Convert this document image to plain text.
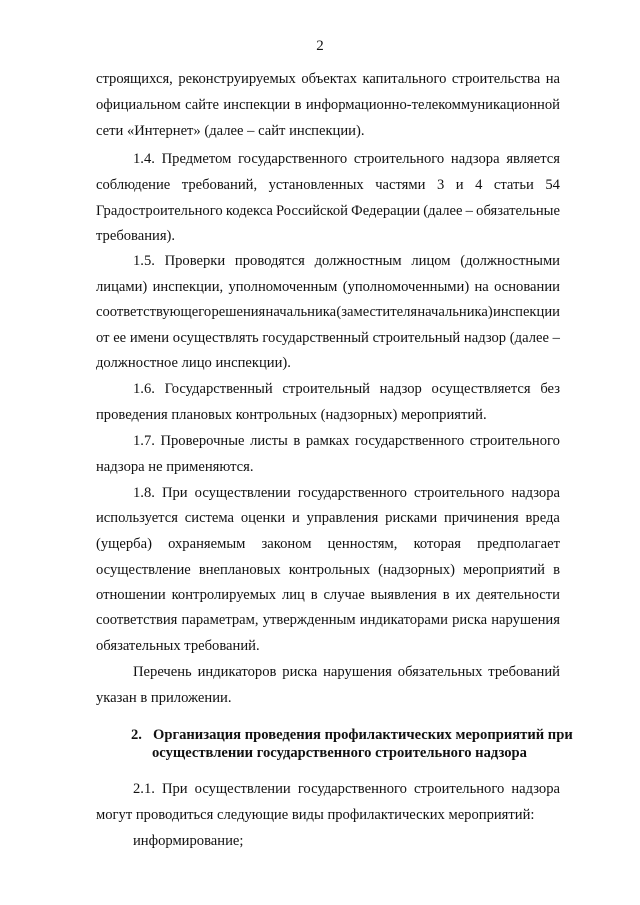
2
строящихся, реконструируемых объектах капитального строительства на
официальном сайте инспекции в информационно-телекоммуникационной
сети «Интернет» (далее – сайт инспекции).
1.4. Предметом государственного строительного надзора является
соблюдение требований, установленных частями 3 и 4 статьи 54
Градостроительного кодекса Российской Федерации (далее – обязательные
требования).
1.5. Проверки проводятся должностным лицом (должностными
лицами) инспекции, уполномоченным (уполномоченными) на основании
соответствующего решения начальника (заместителя начальника) инспекции
от ее имени осуществлять государственный строительный надзор (далее –
должностное лицо инспекции).
1.6. Государственный строительный надзор осуществляется без
проведения плановых контрольных (надзорных) мероприятий.
1.7. Проверочные листы в рамках государственного строительного
надзора не применяются.
1.8. При осуществлении государственного строительного надзора
используется система оценки и управления рисками причинения вреда
(ущерба) охраняемым законом ценностям, которая предполагает
осуществление внеплановых контрольных (надзорных) мероприятий в
отношении контролируемых лиц в случае выявления в их деятельности
соответствия параметрам, утвержденным индикаторами риска нарушения
обязательных требований.
Перечень индикаторов риска нарушения обязательных требований
указан в приложении.
2. Организация проведения профилактических мероприятий при
осуществлении государственного строительного надзора
2.1. При осуществлении государственного строительного надзора
могут проводиться следующие виды профилактических мероприятий:
информирование;
